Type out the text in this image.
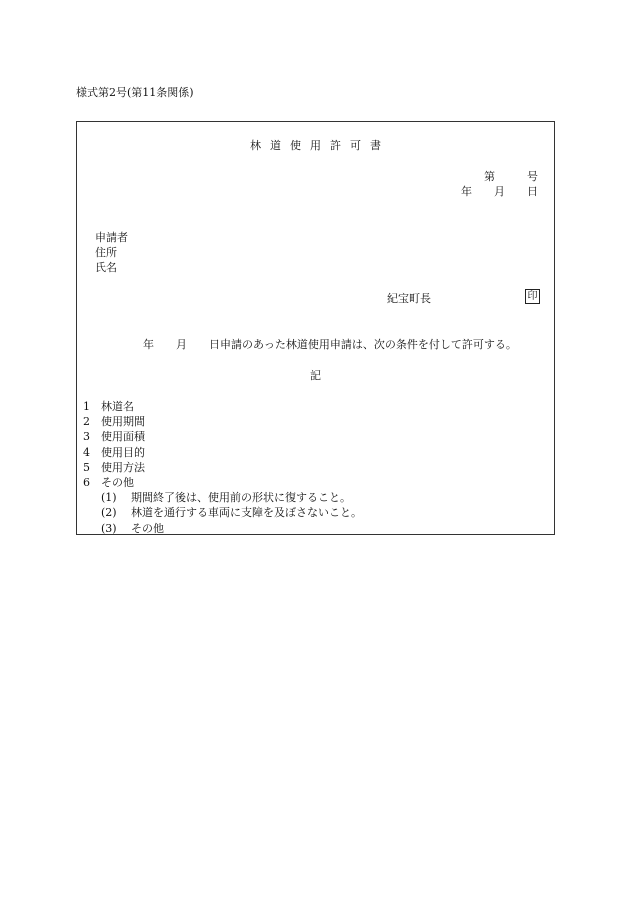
様式第2号(第11条関係)
林道使用許可書
第	号
年 月 日
申請者
住所
氏名
紀宝町長	印
年 月 日申請のあった林道使用申請は、次の条件を付して許可する。
記
1 林道名
2 使用期間
3 使用面積
4 使用目的
5 使用方法
6 その他
(1) 期間終了後は、使用前の形状に復すること。
(2) 林道を通行する車両に支障を及ぼさないこと。
(3) その他
